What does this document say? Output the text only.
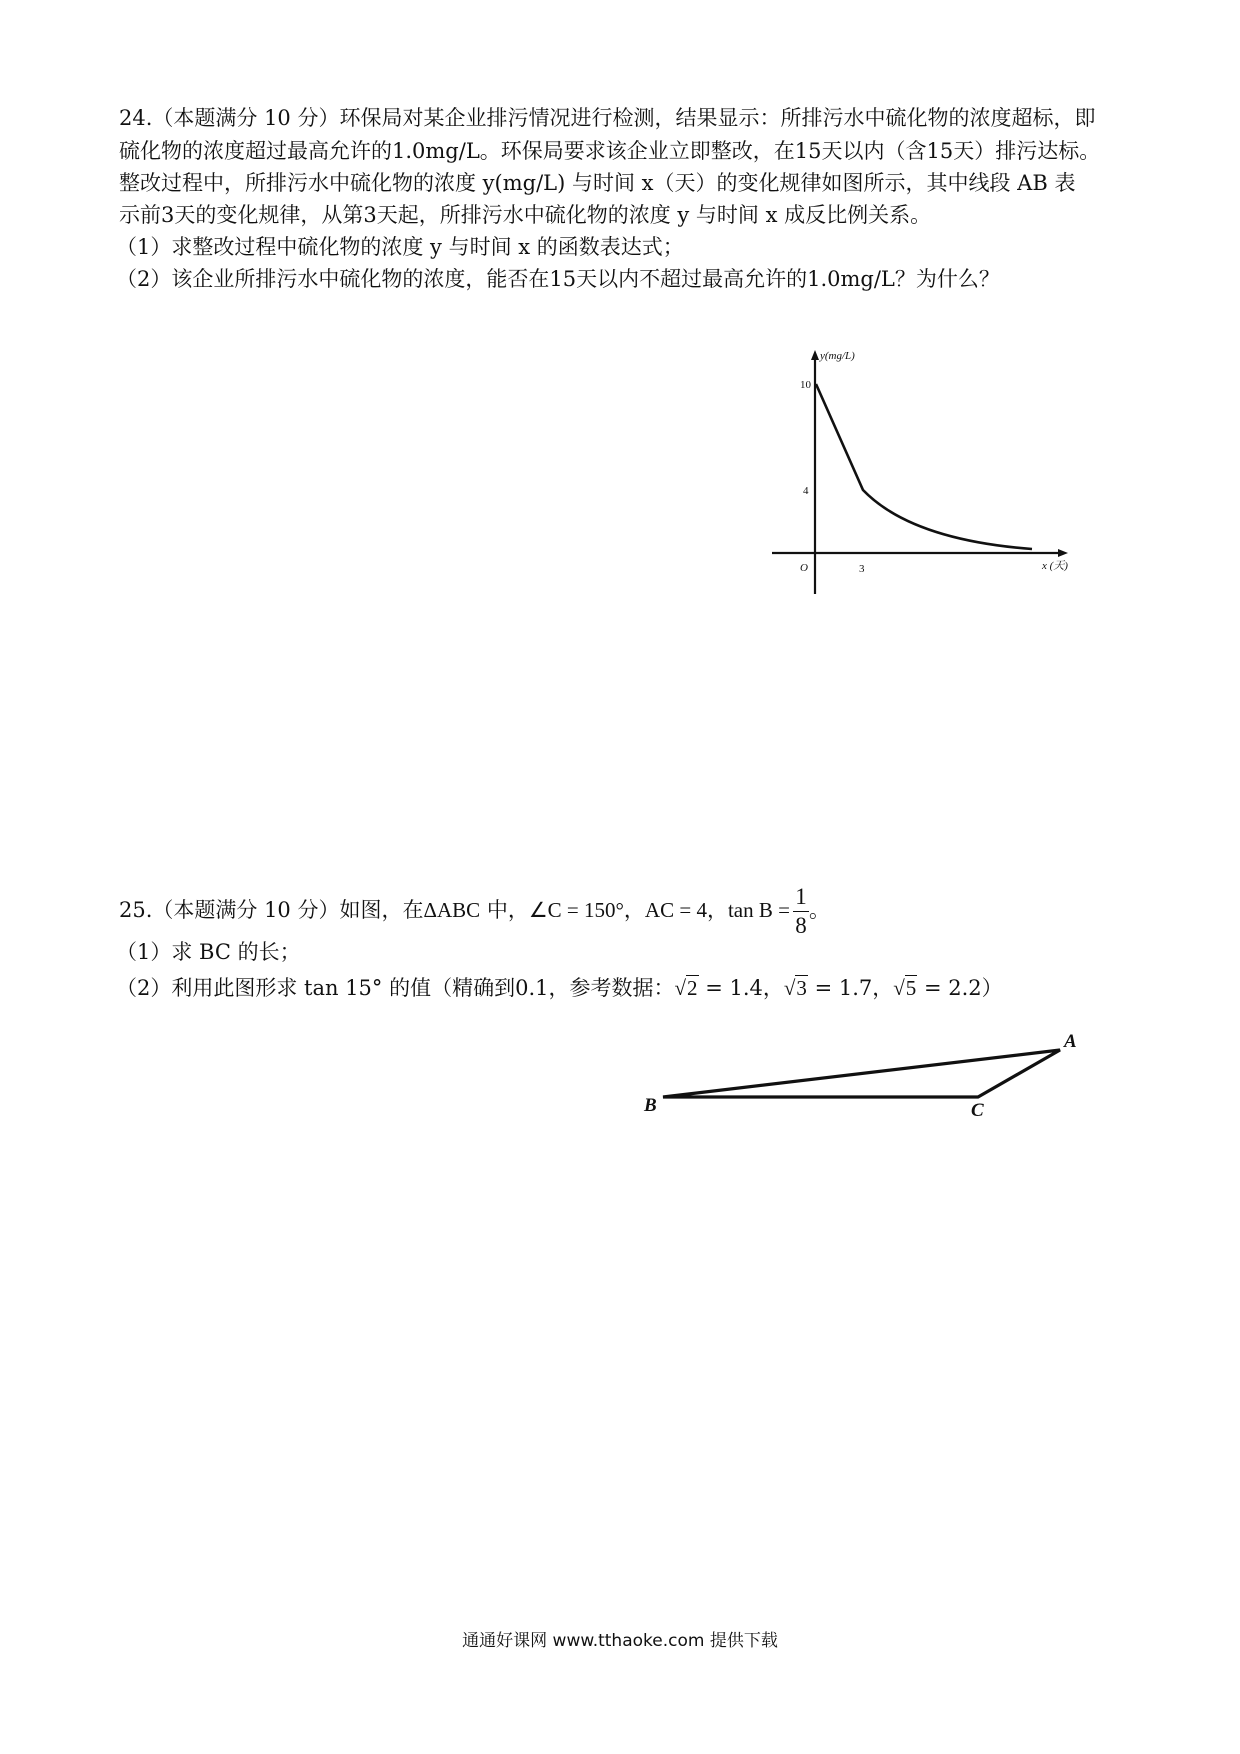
24.（本题满分 10 分）环保局对某企业排污情况进行检测，结果显示：所排污水中硫化物的浓度超标，即
硫化物的浓度超过最高允许的1.0mg/L。环保局要求该企业立即整改，在15天以内（含15天）排污达标。
整改过程中，所排污水中硫化物的浓度 y(mg/L) 与时间 x（天）的变化规律如图所示，其中线段 AB 表
示前3天的变化规律，从第3天起，所排污水中硫化物的浓度 y 与时间 x 成反比例关系。
（1）求整改过程中硫化物的浓度 y 与时间 x 的函数表达式；
（2）该企业所排污水中硫化物的浓度，能否在15天以内不超过最高允许的1.0mg/L？为什么？
y(mg/L)
10
4
O	3	x (天)
25.（本题满分 10 分）如图，在ΔABC 中，∠C = 150°，AC = 4，$\tan B = \frac{1}{8}$ 。
（1）求 BC 的长；
（2）利用此图形求 tan 15° 的值（精确到0.1，参考数据：√2 = 1.4，√3 = 1.7，√5 = 2.2）
A
B	C
通通好课网 www.tthaoke.com 提供下载
